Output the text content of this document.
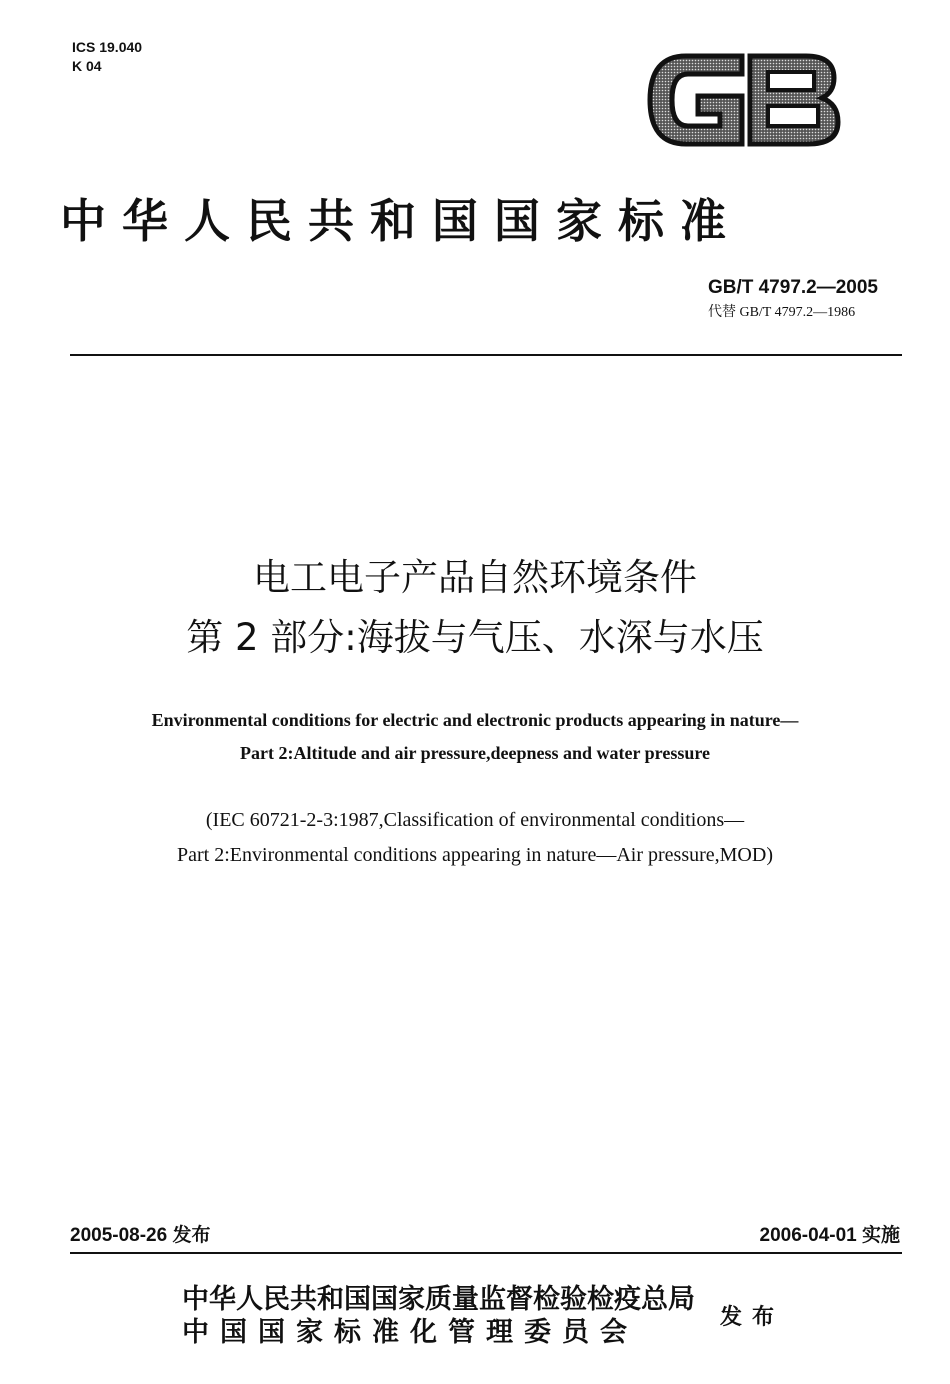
ICS 19.040
K 04
中华人民共和国国家标准
GB/T 4797.2—2005
代替 GB/T 4797.2—1986
电工电子产品自然环境条件
第 2 部分:海拔与气压、水深与水压
Environmental conditions for electric and electronic products appearing in nature—
Part 2:Altitude and air pressure,deepness and water pressure
(IEC 60721-2-3:1987,Classification of environmental conditions—
Part 2:Environmental conditions appearing in nature—Air pressure,MOD)
2005-08-26 发布	2006-04-01 实施
中华人民共和国国家质量监督检验检疫总局
中国国家标准化管理委员会	发布
